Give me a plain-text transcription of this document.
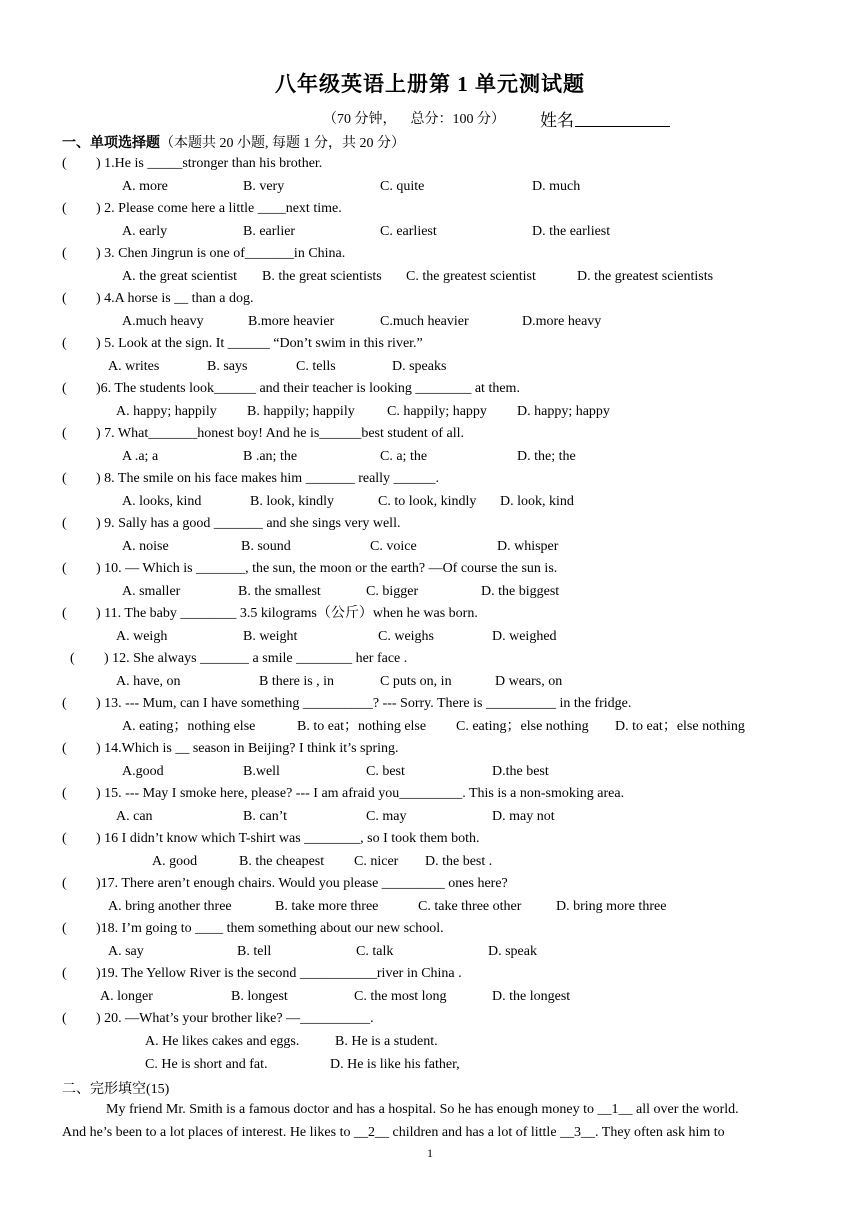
八年级英语上册第 1 单元测试题
（70 分钟，    总分：100 分） 姓名
一、单项选择题（本题共 20 小题, 每题 1 分，共 20 分）
( ) 1.He is _____stronger than his brother.
A. more	B. very	C. quite	D. much
( ) 2. Please come here a little ____next time.
A. early	B. earlier	C. earliest	D. the earliest
( ) 3. Chen Jingrun is one of_______in China.
A. the great scientist B. the great scientists C. the greatest scientist	D. the greatest scientists
( ) 4.A horse is __ than a dog.
A.much heavy	B.more heavier	C.much heavier	D.more heavy
( ) 5. Look at the sign. It ______ “Don’t swim in this river.”
A. writes	B. says	C. tells	D. speaks
( )6. The students look______ and their teacher is looking ________ at them.
A. happy; happily B. happily; happily C. happily; happy D. happy; happy
( ) 7. What_______honest boy! And he is______best student of all.
A .a; a	B .an; the	C. a; the	D. the; the
( ) 8. The smile on his face makes him _______ really ______.
A. looks, kind	B. look, kindly	C. to look, kindly D. look, kind
( ) 9. Sally has a good _______ and she sings very well.
A. noise	B. sound	C. voice	D. whisper
( ) 10. — Which is _______, the sun, the moon or the earth? —Of course the sun is.
A. smaller	B. the smallest	C. bigger	D. the biggest
( ) 11. The baby ________ 3.5 kilograms（公斤）when he was born.
A. weigh	B. weight	C. weighs	D. weighed
( ) 12. She always _______ a smile ________ her face .
A. have, on	B there is , in	C puts on, in	D wears, on
( ) 13. --- Mum, can I have something __________? --- Sorry. There is __________ in the fridge.
A. eating；nothing else	B. to eat；nothing else C. eating；else nothing D. to eat；else nothing
( ) 14.Which is __ season in Beijing? I think it’s spring.
A.good	B.well	C. best	D.the best
( ) 15. --- May I smoke here, please? --- I am afraid you_________. This is a non-smoking area.
A. can	B. can’t	C. may	D. may not
( ) 16 I didn’t know which T-shirt was ________, so I took them both.
A. good	B. the cheapest C. nicer D. the best .
( )17. There aren’t enough chairs. Would you please _________ ones here?
A. bring another three	B. take more three	C. take three other D. bring more three
( )18. I’m going to ____ them something about our new school.
A. say	B. tell	C. talk	D. speak
( )19. The Yellow River is the second ___________river in China .
A. longer	B. longest	C. the most long	D. the longest
( ) 20. —What’s your brother like? —__________.
A. He likes cakes and eggs.	B. He is a student.
C. He is short and fat.	D. He is like his father,
二、完形填空(15)
My friend Mr. Smith is a famous doctor and has a hospital. So he has enough money to __1__ all over the world.
And he’s been to a lot places of interest. He likes to __2__ children and has a lot of little __3__. They often ask him to
1
